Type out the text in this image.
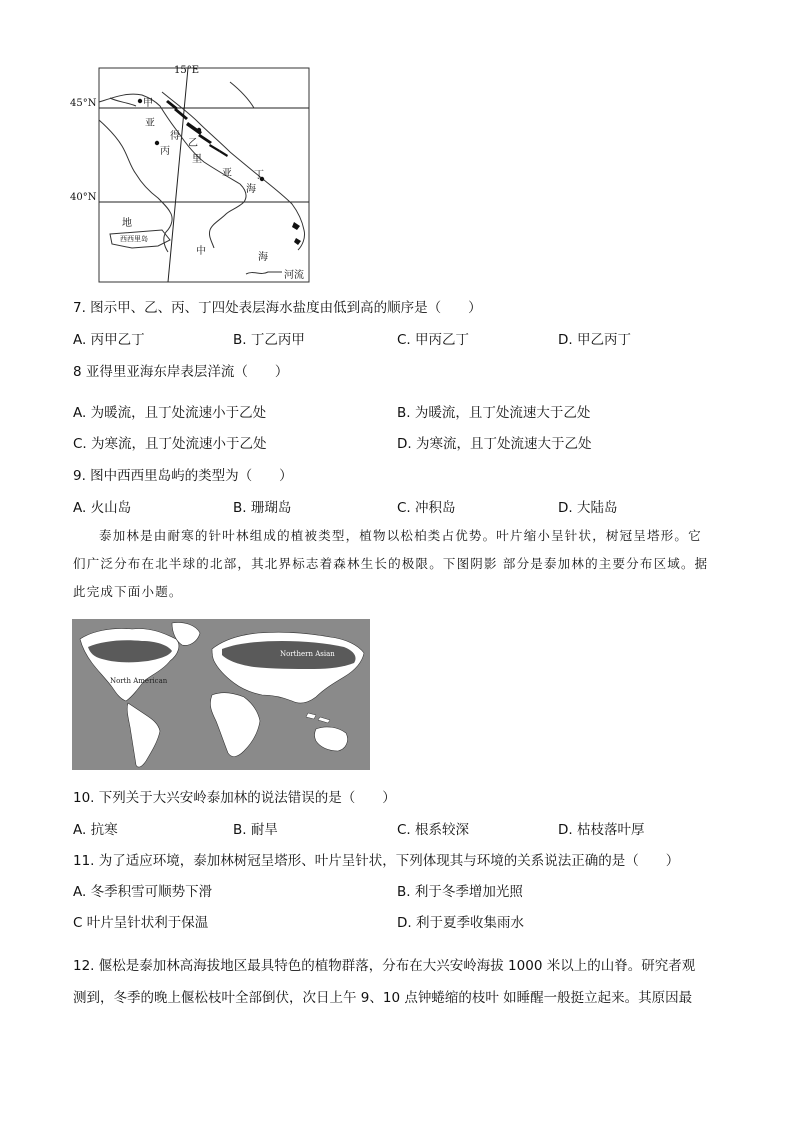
15°E
45°N
40°N
甲
亚
得
乙
丙
里
亚 丁
海
地
西西里岛
中
海
河流
7. 图示甲、乙、丙、丁四处表层海水盐度由低到高的顺序是（　　）
A. 丙甲乙丁	B. 丁乙丙甲	C. 甲丙乙丁	D. 甲乙丙丁
8 亚得里亚海东岸表层洋流（　　）
A. 为暖流，且丁处流速小于乙处	B. 为暖流，且丁处流速大于乙处
C. 为寒流，且丁处流速小于乙处	D. 为寒流，且丁处流速大于乙处
9. 图中西西里岛屿的类型为（　　）
A. 火山岛	B. 珊瑚岛	C. 冲积岛	D. 大陆岛
泰加林是由耐寒的针叶林组成的植被类型，植物以松柏类占优势。叶片缩小呈针状，树冠呈塔形。它
们广泛分布在北半球的北部，其北界标志着森林生长的极限。下图阴影 部分是泰加林的主要分布区域。据
此完成下面小题。
Northern Asian
North American
10. 下列关于大兴安岭泰加林的说法错误的是（　　）
A. 抗寒	B. 耐旱	C. 根系较深	D. 枯枝落叶厚
11. 为了适应环境，泰加林树冠呈塔形、叶片呈针状，下列体现其与环境的关系说法正确的是（　　）
A. 冬季积雪可顺势下滑	B. 利于冬季增加光照
C 叶片呈针状利于保温	D. 利于夏季收集雨水
12. 偃松是泰加林高海拔地区最具特色的植物群落，分布在大兴安岭海拔 1000 米以上的山脊。研究者观
测到，冬季的晚上偃松枝叶全部倒伏，次日上午 9、10 点钟蜷缩的枝叶 如睡醒一般挺立起来。其原因最
